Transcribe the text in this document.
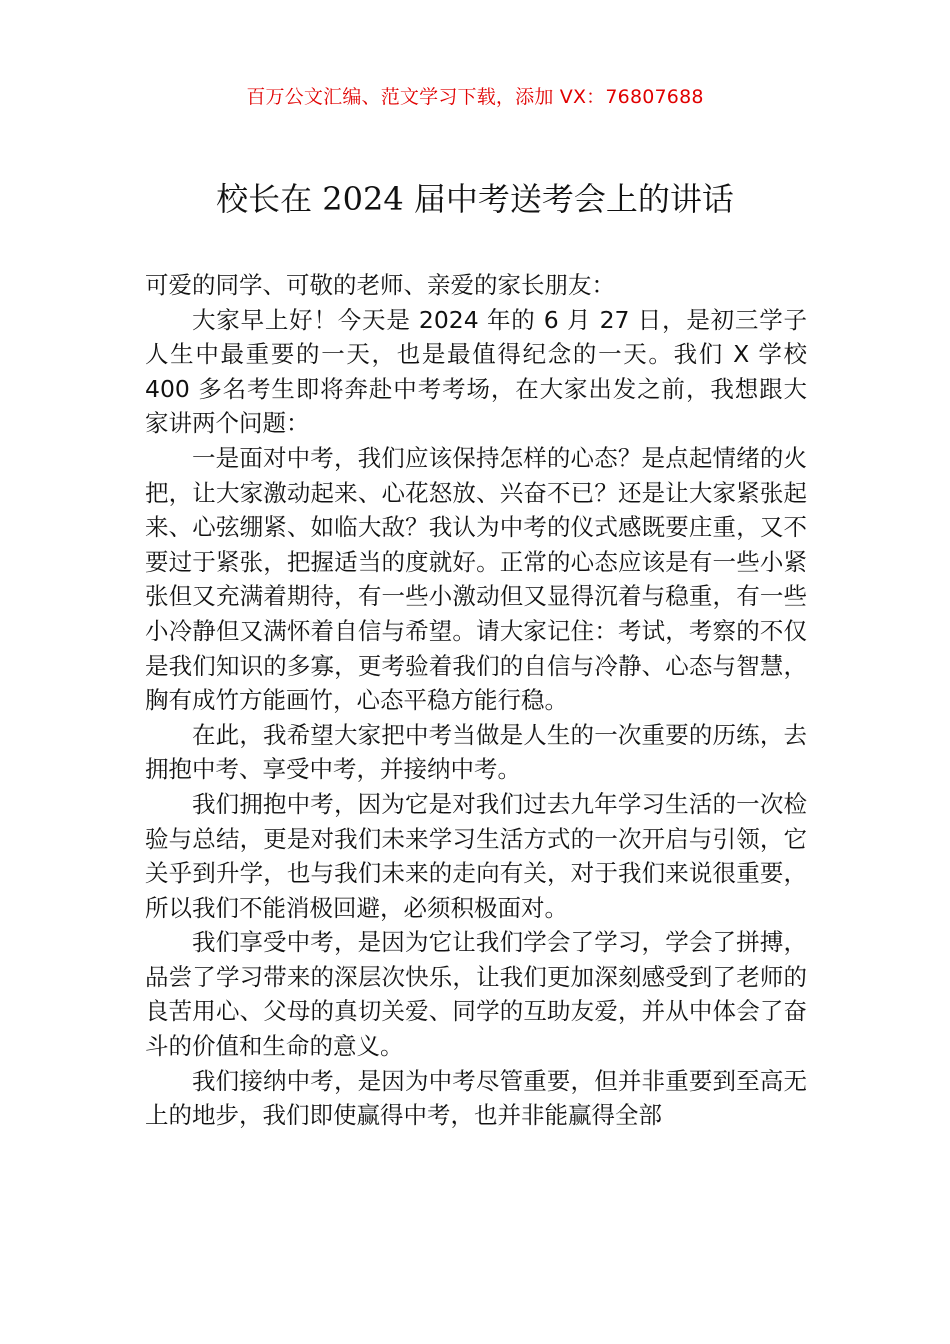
百万公文汇编、范文学习下载，添加 VX：76807688
校长在 2024 届中考送考会上的讲话

可爱的同学、可敬的老师、亲爱的家长朋友：

大家早上好！今天是 2024 年的 6 月 27 日，是初三学子人生中最重要的一天，也是最值得纪念的一天。我们 X 学校 400 多名考生即将奔赴中考考场，在大家出发之前，我想跟大家讲两个问题：

一是面对中考，我们应该保持怎样的心态？是点起情绪的火把，让大家激动起来、心花怒放、兴奋不已？还是让大家紧张起来、心弦绷紧、如临大敌？我认为中考的仪式感既要庄重，又不要过于紧张，把握适当的度就好。正常的心态应该是有一些小紧张但又充满着期待，有一些小激动但又显得沉着与稳重，有一些小冷静但又满怀着自信与希望。请大家记住：考试，考察的不仅是我们知识的多寡，更考验着我们的自信与冷静、心态与智慧，胸有成竹方能画竹，心态平稳方能行稳。

在此，我希望大家把中考当做是人生的一次重要的历练，去拥抱中考、享受中考，并接纳中考。

我们拥抱中考，因为它是对我们过去九年学习生活的一次检验与总结，更是对我们未来学习生活方式的一次开启与引领，它关乎到升学，也与我们未来的走向有关，对于我们来说很重要，所以我们不能消极回避，必须积极面对。

我们享受中考，是因为它让我们学会了学习，学会了拼搏，品尝了学习带来的深层次快乐，让我们更加深刻感受到了老师的良苦用心、父母的真切关爱、同学的互助友爱，并从中体会了奋斗的价值和生命的意义。

我们接纳中考，是因为中考尽管重要，但并非重要到至高无上的地步，我们即使赢得中考，也并非能赢得全部
